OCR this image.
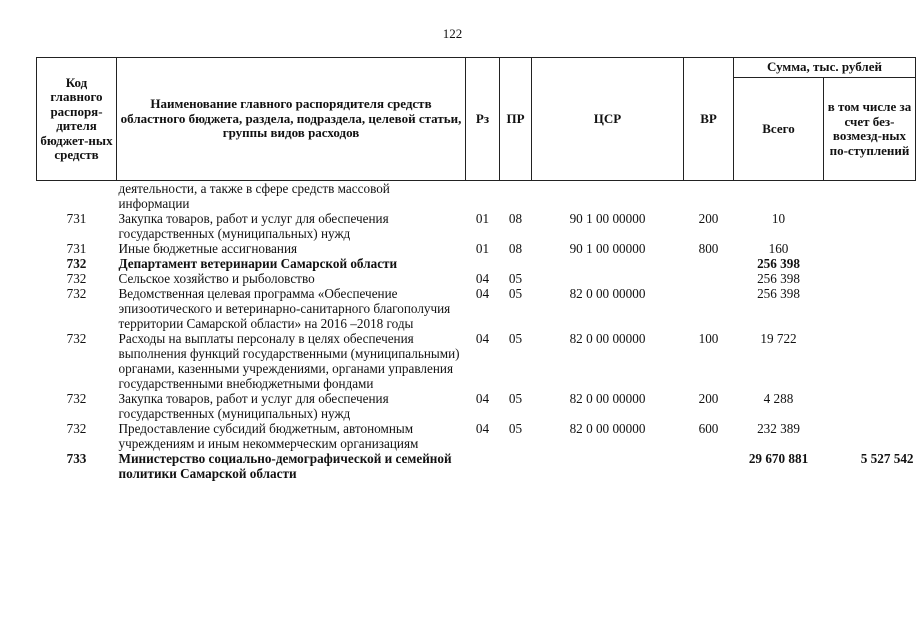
122
Код главного распоря-дителя бюджет-ных средств	Наименование главного распорядителя средств областного бюджета, раздела, подраздела, целевой статьи, группы видов расходов	Рз	ПР	ЦСР	ВР	Сумма, тыс. рублей	
						Всего	в том числе за счет без-возмезд-ных по-ступлений
	деятельности, а также в сфере средств массовой информации						
731	Закупка товаров, работ и услуг для обеспечения государственных (муниципальных) нужд	01	08	90 1 00 00000	200	10	
731	Иные бюджетные ассигнования	01	08	90 1 00 00000	800	160	
732	Департамент ветеринарии Самарской области					256 398	
732	Сельское хозяйство и рыболовство	04	05			256 398	
732	Ведомственная целевая программа «Обеспечение эпизоотического и ветеринарно-санитарного благополучия территории Самарской области» на 2016 –2018 годы	04	05	82 0 00 00000		256 398	
732	Расходы на выплаты персоналу в целях обеспечения выполнения функций государственными (муниципальными) органами, казенными учреждениями, органами управления государственными внебюджетными фондами	04	05	82 0 00 00000	100	19 722	
732	Закупка товаров, работ и услуг для обеспечения государственных (муниципальных) нужд	04	05	82 0 00 00000	200	4 288	
732	Предоставление субсидий бюджетным, автономным учреждениям и иным некоммерческим организациям	04	05	82 0 00 00000	600	232 389	
733	Министерство социально-демографической и семейной политики Самарской области					29 670 881	5 527 542
